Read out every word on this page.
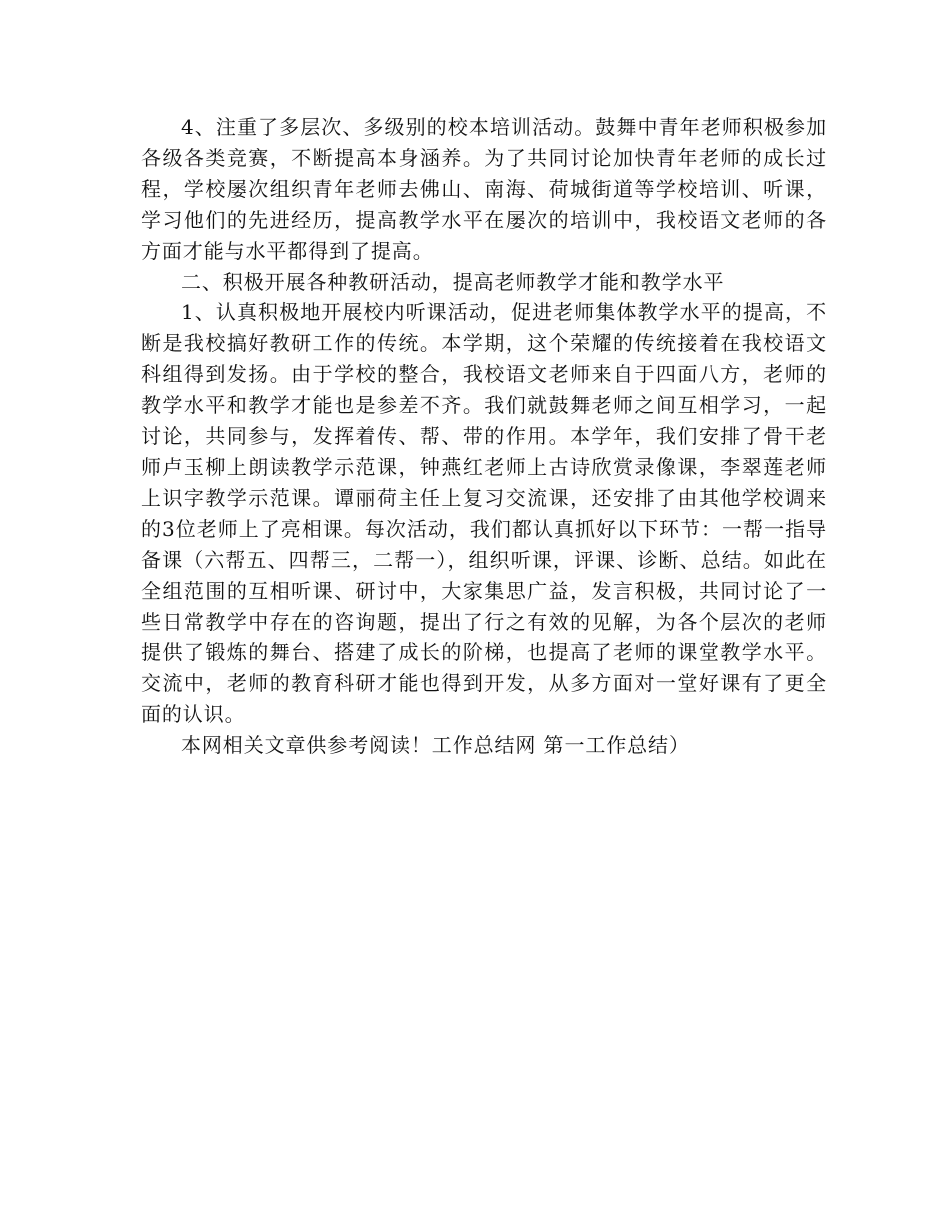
4、注重了多层次、多级别的校本培训活动。鼓舞中青年老师积极参加各级各类竞赛，不断提高本身涵养。为了共同讨论加快青年老师的成长过程，学校屡次组织青年老师去佛山、南海、荷城街道等学校培训、听课，学习他们的先进经历，提高教学水平在屡次的培训中，我校语文老师的各方面才能与水平都得到了提高。

二、积极开展各种教研活动，提高老师教学才能和教学水平

1、认真积极地开展校内听课活动，促进老师集体教学水平的提高，不断是我校搞好教研工作的传统。本学期，这个荣耀的传统接着在我校语文科组得到发扬。由于学校的整合，我校语文老师来自于四面八方，老师的教学水平和教学才能也是参差不齐。我们就鼓舞老师之间互相学习，一起讨论，共同参与，发挥着传、帮、带的作用。本学年，我们安排了骨干老师卢玉柳上朗读教学示范课，钟燕红老师上古诗欣赏录像课，李翠莲老师上识字教学示范课。谭丽荷主任上复习交流课，还安排了由其他学校调来的3位老师上了亮相课。每次活动，我们都认真抓好以下环节：一帮一指导备课（六帮五、四帮三，二帮一），组织听课，评课、诊断、总结。如此在全组范围的互相听课、研讨中，大家集思广益，发言积极，共同讨论了一些日常教学中存在的咨询题，提出了行之有效的见解，为各个层次的老师提供了锻炼的舞台、搭建了成长的阶梯，也提高了老师的课堂教学水平。交流中，老师的教育科研才能也得到开发，从多方面对一堂好课有了更全面的认识。

本网相关文章供参考阅读！工作总结网 第一工作总结）
